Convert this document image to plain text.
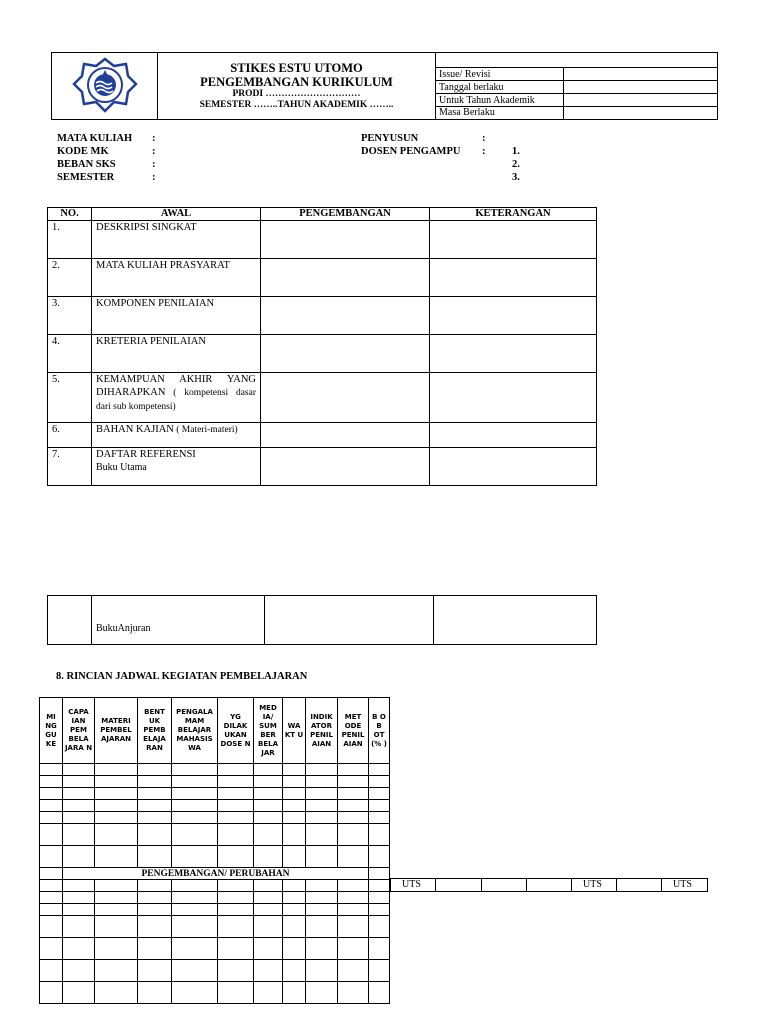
STIKES ESTU UTOMO
PENGEMBANGAN KURIKULUM
PRODI …………………………
SEMESTER ……..TAHUN AKADEMIK ……..		

		Issue/ Revisi	
		Tanggal berlaku	
		Untuk Tahun Akademik	
		Masa Berlaku	
MATA KULIAH :
KODE MK	:
BEBAN SKS	:
SEMESTER	:
PENYUSUN	:
DOSEN PENGAMPU :	1.
2.
3.
NO.	AWAL	PENGEMBANGAN	KETERANGAN
1.	DESKRIPSI SINGKAT		
2.	MATA KULIAH PRASYARAT		
3.	KOMPONEN PENILAIAN		
4.	KRETERIA PENILAIAN		
5.	KEMAMPUAN AKHIR YANG DIHARAPKAN ( kompetensi dasar dari sub kompetensi)		
6.	BAHAN KAJIAN ( Materi-materi)		
7.	DAFTAR REFERENSI
Buku Utama		

	BukuAnjuran		
8. RINCIAN JADWAL KEGIATAN PEMBELAJARAN
MI NG GU KE	CAPA IAN PEM BELA JARA N	MATERI PEMBEL AJARAN	BENT UK PEMB ELAJA RAN	PENGALA MAM BELAJAR MAHASIS WA	YG DILAK UKAN DOSE N	MED IA/ SUM BER BELA JAR	WA KT U	INDIK ATOR PENIL AIAN	MET ODE PENIL AIAN	B O B OT (% )

	PENGEMBANGAN/ PERUBAHAN									

UTS				UTS		UTS
